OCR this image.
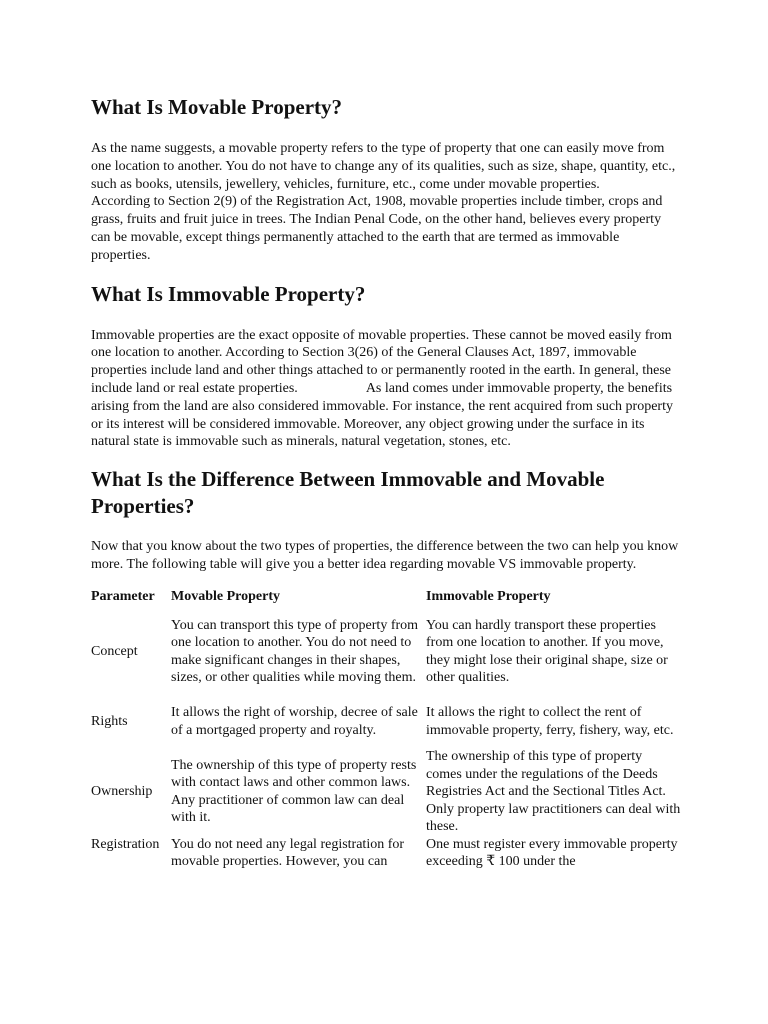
What Is Movable Property?

As the name suggests, a movable property refers to the type of property that one can easily move from one location to another. You do not have to change any of its qualities, such as size, shape, quantity, etc., such as books, utensils, jewellery, vehicles, furniture, etc., come under movable properties.According to Section 2(9) of the Registration Act, 1908, movable properties include timber, crops and grass, fruits and fruit juice in trees. The Indian Penal Code, on the other hand, believes every property can be movable, except things permanently attached to the earth that are termed as immovable properties.

What Is Immovable Property?

Immovable properties are the exact opposite of movable properties. These cannot be moved easily from one location to another. According to Section 3(26) of the General Clauses Act, 1897, immovable properties include land and other things attached to or permanently rooted in the earth. In general, these include land or real estate properties.	As land comes under immovable property, the benefits arising from the land are also considered immovable. For instance, the rent acquired from such property or its interest will be considered immovable. Moreover, any object growing under the surface in its natural state is immovable such as minerals, natural vegetation, stones, etc.

What Is the Difference Between Immovable and Movable Properties?

Now that you know about the two types of properties, the difference between the two can help you know more. The following table will give you a better idea regarding movable VS immovable property.

Parameter	Movable Property	Immovable Property
Concept	You can transport this type of property from one location to another. You do not need to make significant changes in their shapes, sizes, or other qualities while moving them.	You can hardly transport these properties from one location to another. If you move, they might lose their original shape, size or other qualities.
Rights	It allows the right of worship, decree of sale of a mortgaged property and royalty.	It allows the right to collect the rent of immovable property, ferry, fishery, way, etc.
Ownership	The ownership of this type of property rests with contact laws and other common laws. Any practitioner of common law can deal with it.	The ownership of this type of property comes under the regulations of the Deeds Registries Act and the Sectional Titles Act. Only property law practitioners can deal with these.
Registration	You do not need any legal registration for movable properties. However, you can	One must register every immovable property exceeding ₹ 100 under the
